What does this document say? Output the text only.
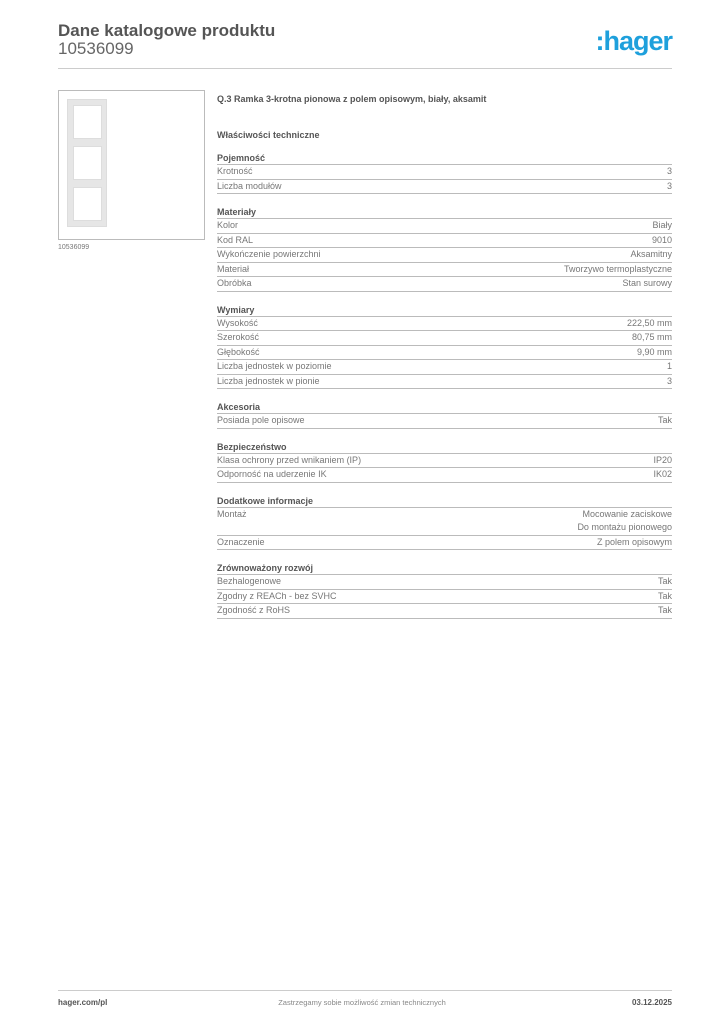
Dane katalogowe produktu
10536099	:hager
10536099
Q.3 Ramka 3-krotna pionowa z polem opisowym, biały, aksamit
Właściwości techniczne
Pojemność
Krotność	3
Liczba modułów	3
Materiały
Kolor	Biały
Kod RAL	9010
Wykończenie powierzchni	Aksamitny
Materiał	Tworzywo termoplastyczne
Obróbka	Stan surowy
Wymiary
Wysokość	222,50 mm
Szerokość	80,75 mm
Głębokość	9,90 mm
Liczba jednostek w poziomie	1
Liczba jednostek w pionie	3
Akcesoria
Posiada pole opisowe	Tak
Bezpieczeństwo
Klasa ochrony przed wnikaniem (IP)	IP20
Odporność na uderzenie IK	IK02
Dodatkowe informacje
Montaż	Mocowanie zaciskowe
Do montażu pionowego
Oznaczenie	Z polem opisowym
Zrównoważony rozwój
Bezhalogenowe	Tak
Zgodny z REACh - bez SVHC	Tak
Zgodność z RoHS	Tak
hager.com/pl	Zastrzegamy sobie możliwość zmian technicznych	03.12.2025
